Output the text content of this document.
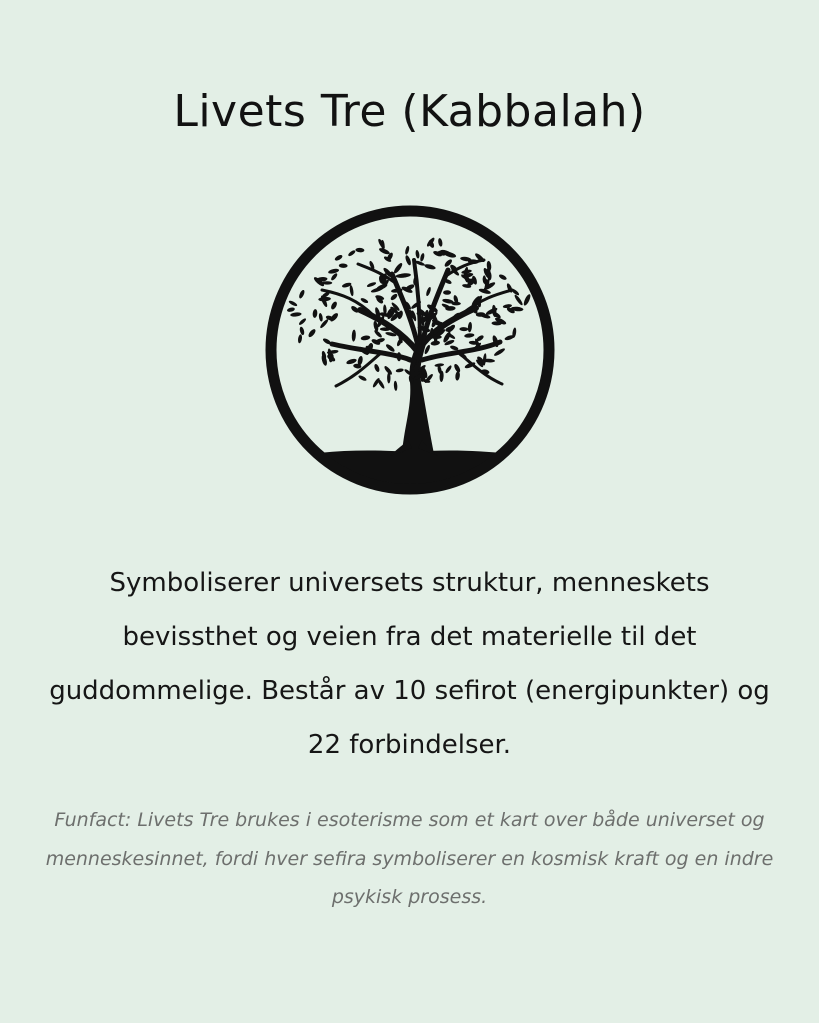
Livets Tre (Kabbalah)

Symboliserer universets struktur, menneskets bevissthet og veien fra det materielle til det guddommelige. Består av 10 sefirot (energipunkter) og 22 forbindelser.

Funfact: Livets Tre brukes i esoterisme som et kart over både universet og menneskesinnet, fordi hver sefira symboliserer en kosmisk kraft og en indre psykisk prosess.
